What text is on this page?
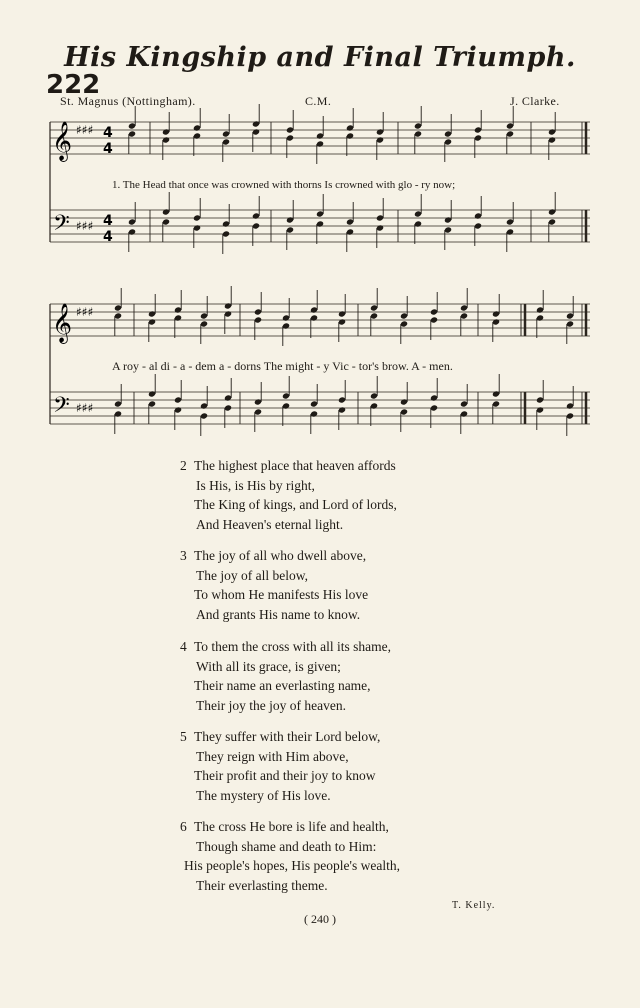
His Kingship and Final Triumph.
222
St. Magnus (Nottingham).	C.M.	J. Clarke.
𝄞
𝄢
♯♯♯
♯♯♯
4
4
4
4
𝄞
𝄢
♯♯♯
♯♯♯
1. The Head that once was crowned with thorns Is crowned with glo - ry now;
A roy - al di - a - dem a - dorns The might - y Vic - tor's brow. A - men.
2 The highest place that heaven affords
Is His, is His by right,
The King of kings, and Lord of lords,
And Heaven's eternal light.
3 The joy of all who dwell above,
The joy of all below,
To whom He manifests His love
And grants His name to know.
4 To them the cross with all its shame,
With all its grace, is given;
Their name an everlasting name,
Their joy the joy of heaven.
5 They suffer with their Lord below,
They reign with Him above,
Their profit and their joy to know
The mystery of His love.
6 The cross He bore is life and health,
Though shame and death to Him:
His people's hopes, His people's wealth,
Their everlasting theme.
T. Kelly.
( 240 )
